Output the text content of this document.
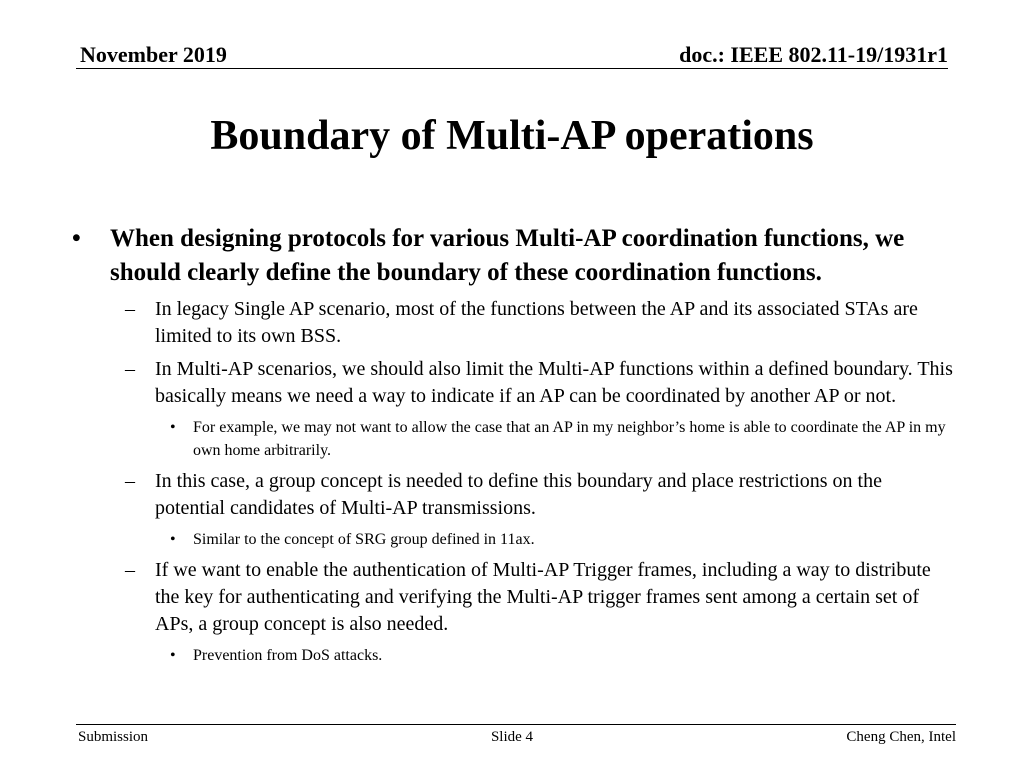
November 2019	doc.: IEEE 802.11-19/1931r1
Boundary of Multi-AP operations
• When designing protocols for various Multi-AP coordination functions, we should clearly define the boundary of these coordination functions.
– In legacy Single AP scenario, most of the functions between the AP and its associated STAs are limited to its own BSS.
– In Multi-AP scenarios, we should also limit the Multi-AP functions within a defined boundary. This basically means we need a way to indicate if an AP can be coordinated by another AP or not.
• For example, we may not want to allow the case that an AP in my neighbor’s home is able to coordinate the AP in my own home arbitrarily.
– In this case, a group concept is needed to define this boundary and place restrictions on the potential candidates of Multi-AP transmissions.
• Similar to the concept of SRG group defined in 11ax.
– If we want to enable the authentication of Multi-AP Trigger frames, including a way to distribute the key for authenticating and verifying the Multi-AP trigger frames sent among a certain set of APs, a group concept is also needed.
• Prevention from DoS attacks.
Submission	Slide 4	Cheng Chen, Intel
